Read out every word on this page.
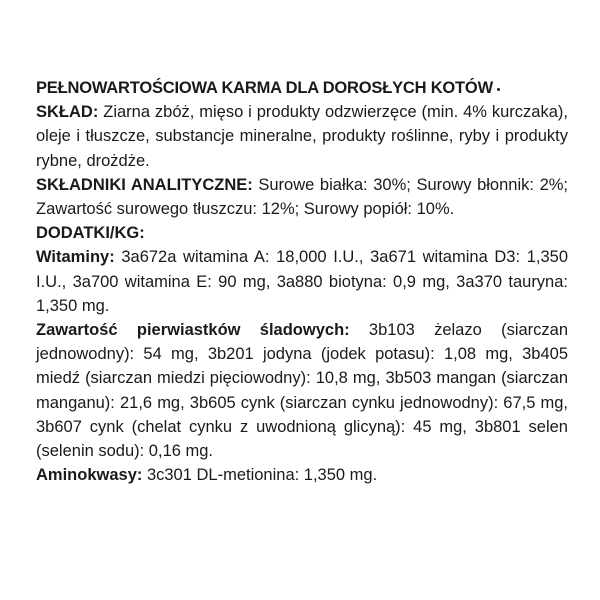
PEŁNOWARTOŚCIOWA KARMA DLA DOROSŁYCH KOTÓW

SKŁAD: Ziarna zbóż, mięso i produkty odzwierzęce (min. 4% kurczaka), oleje i tłuszcze, substancje mineralne, produkty roślinne, ryby i produkty rybne, drożdże.

SKŁADNIKI ANALITYCZNE: Surowe białka: 30%; Surowy błonnik: 2%; Zawartość surowego tłuszczu: 12%; Surowy popiół: 10%.

DODATKI/KG:

Witaminy: 3a672a witamina A: 18,000 I.U., 3a671 witamina D3: 1,350 I.U., 3a700 witamina E: 90 mg, 3a880 biotyna: 0,9 mg, 3a370 tauryna: 1,350 mg.

Zawartość pierwiastków śladowych: 3b103 żelazo (siarczan jednowodny): 54 mg, 3b201 jodyna (jodek potasu): 1,08 mg, 3b405 miedź (siarczan miedzi pięciowodny): 10,8 mg, 3b503 mangan (siarczan manganu): 21,6 mg, 3b605 cynk (siarczan cynku jednowodny): 67,5 mg, 3b607 cynk (chelat cynku z uwodnioną glicyną): 45 mg, 3b801 selen (selenin sodu): 0,16 mg.

Aminokwasy: 3c301 DL-metionina: 1,350 mg.
